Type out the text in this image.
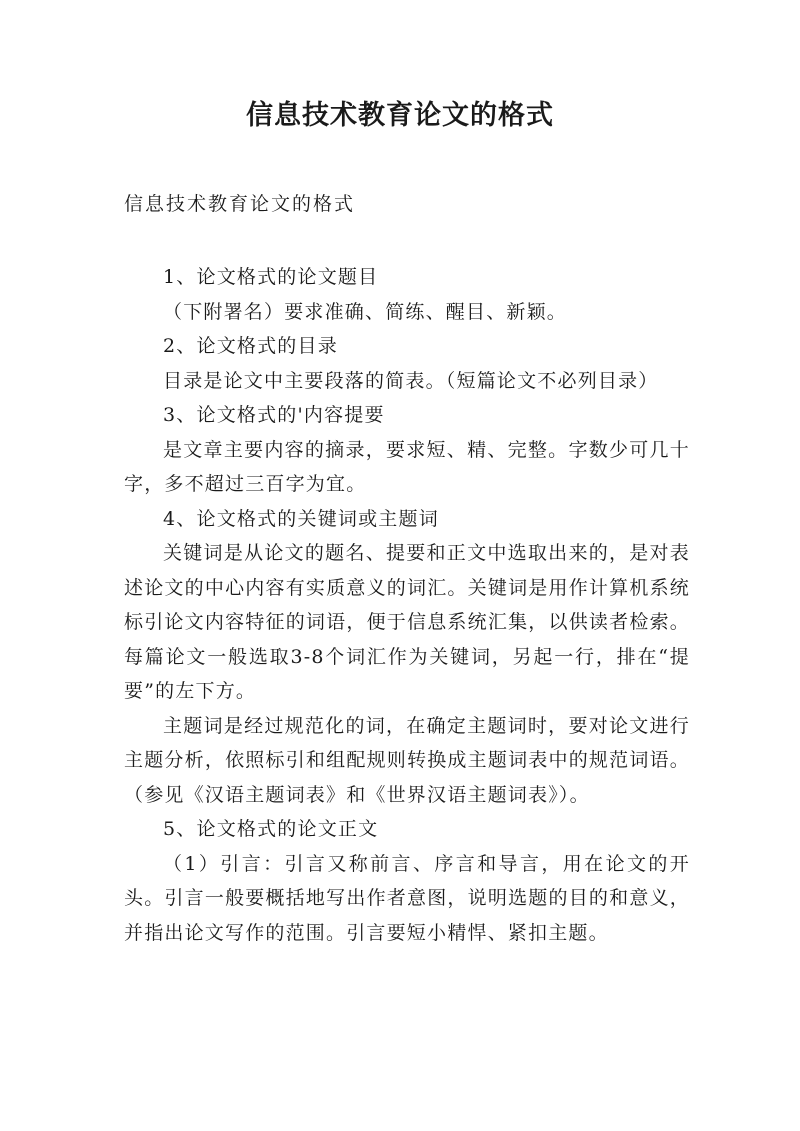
信息技术教育论文的格式

信息技术教育论文的格式

1、论文格式的论文题目

（下附署名）要求准确、简练、醒目、新颖。

2、论文格式的目录

目录是论文中主要段落的简表。（短篇论文不必列目录）

3、论文格式的'内容提要

是文章主要内容的摘录，要求短、精、完整。字数少可几十字，多不超过三百字为宜。

4、论文格式的关键词或主题词

关键词是从论文的题名、提要和正文中选取出来的，是对表述论文的中心内容有实质意义的词汇。关键词是用作计算机系统标引论文内容特征的词语，便于信息系统汇集，以供读者检索。每篇论文一般选取3-8个词汇作为关键词，另起一行，排在“提要”的左下方。

主题词是经过规范化的词，在确定主题词时，要对论文进行主题分析，依照标引和组配规则转换成主题词表中的规范词语。（参见《汉语主题词表》和《世界汉语主题词表》）。

5、论文格式的论文正文

（1）引言：引言又称前言、序言和导言，用在论文的开头。引言一般要概括地写出作者意图，说明选题的目的和意义，并指出论文写作的范围。引言要短小精悍、紧扣主题。
